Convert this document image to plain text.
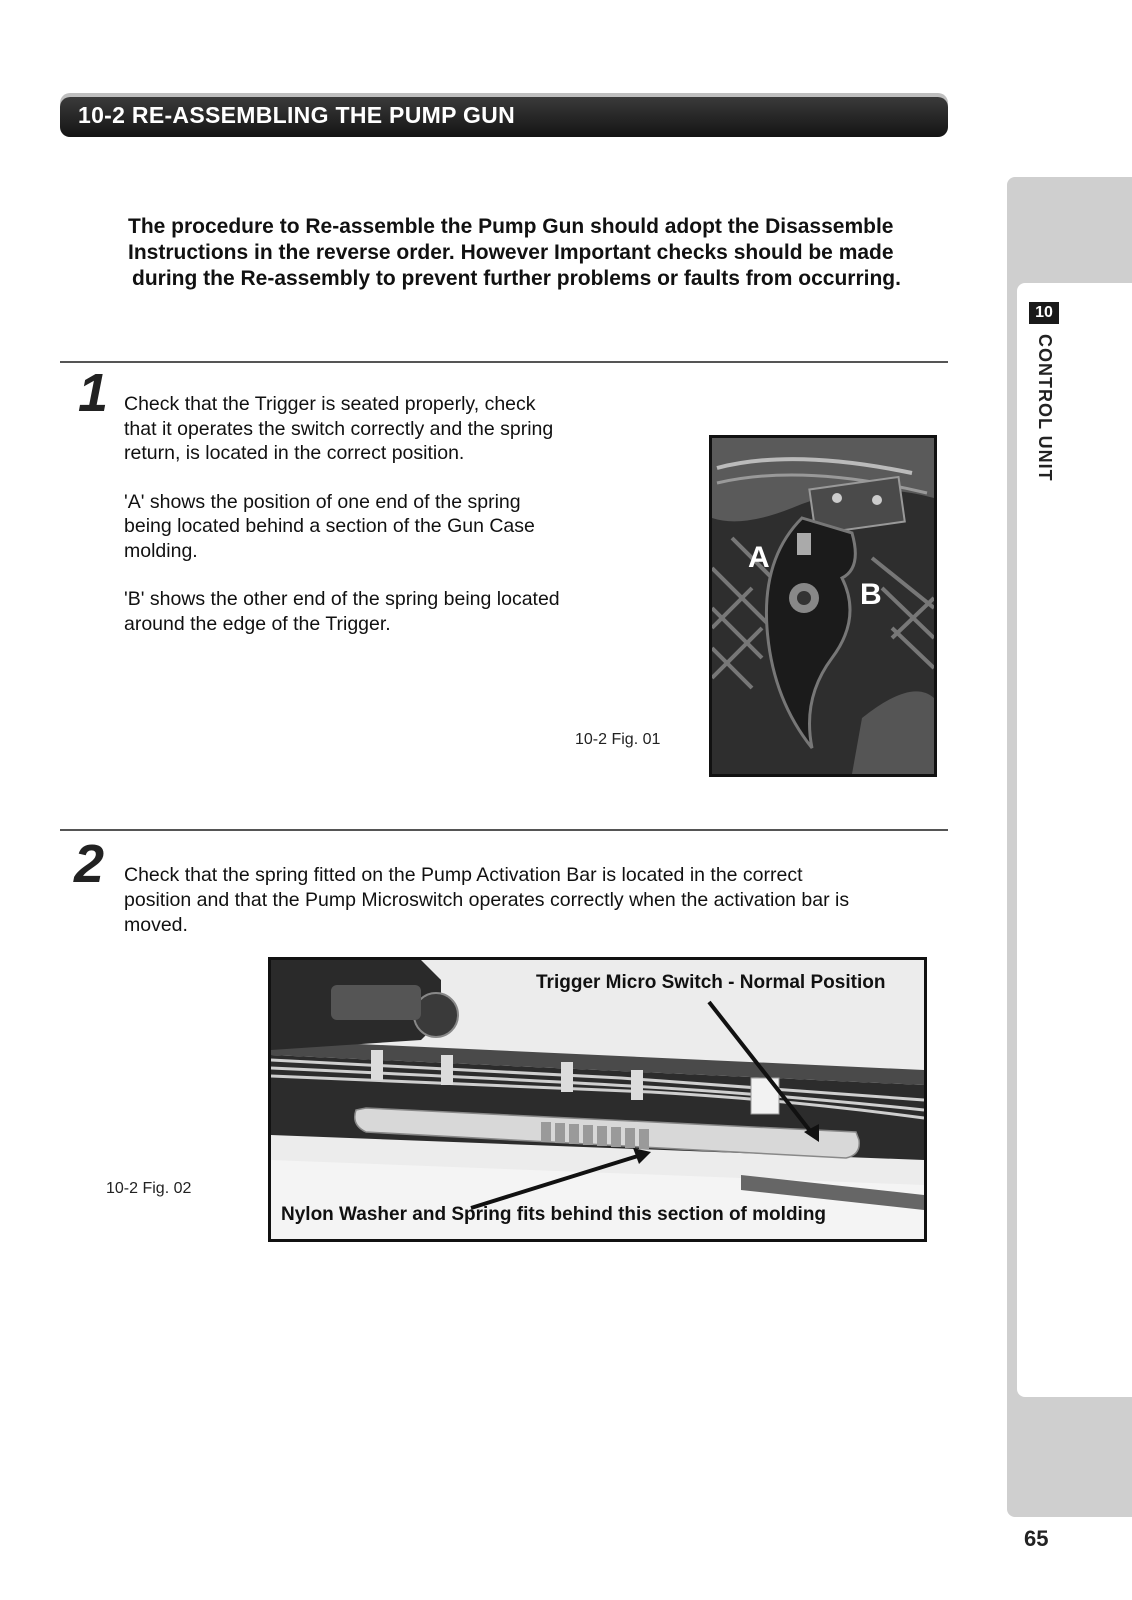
10-2 RE-ASSEMBLING THE PUMP GUN
10
CONTROL UNIT
The procedure to Re-assemble the Pump Gun should adopt the Disassemble
Instructions in the reverse order. However Important checks should be made
during the Re-assembly to prevent further problems or faults from occurring.
1 Check that the Trigger is seated properly, check
that it operates the switch correctly and the spring
return, is located in the correct position.

'A' shows the position of one end of the spring
being located behind a section of the Gun Case
molding.

'B' shows the other end of the spring being located
around the edge of the Trigger.

10-2 Fig. 01
A
B
2 Check that the spring fitted on the Pump Activation Bar is located in the correct
position and that the Pump Microswitch operates correctly when the activation bar is
moved.
10-2 Fig. 02
Trigger Micro Switch - Normal Position
Nylon Washer and Spring fits behind this section of molding
65
